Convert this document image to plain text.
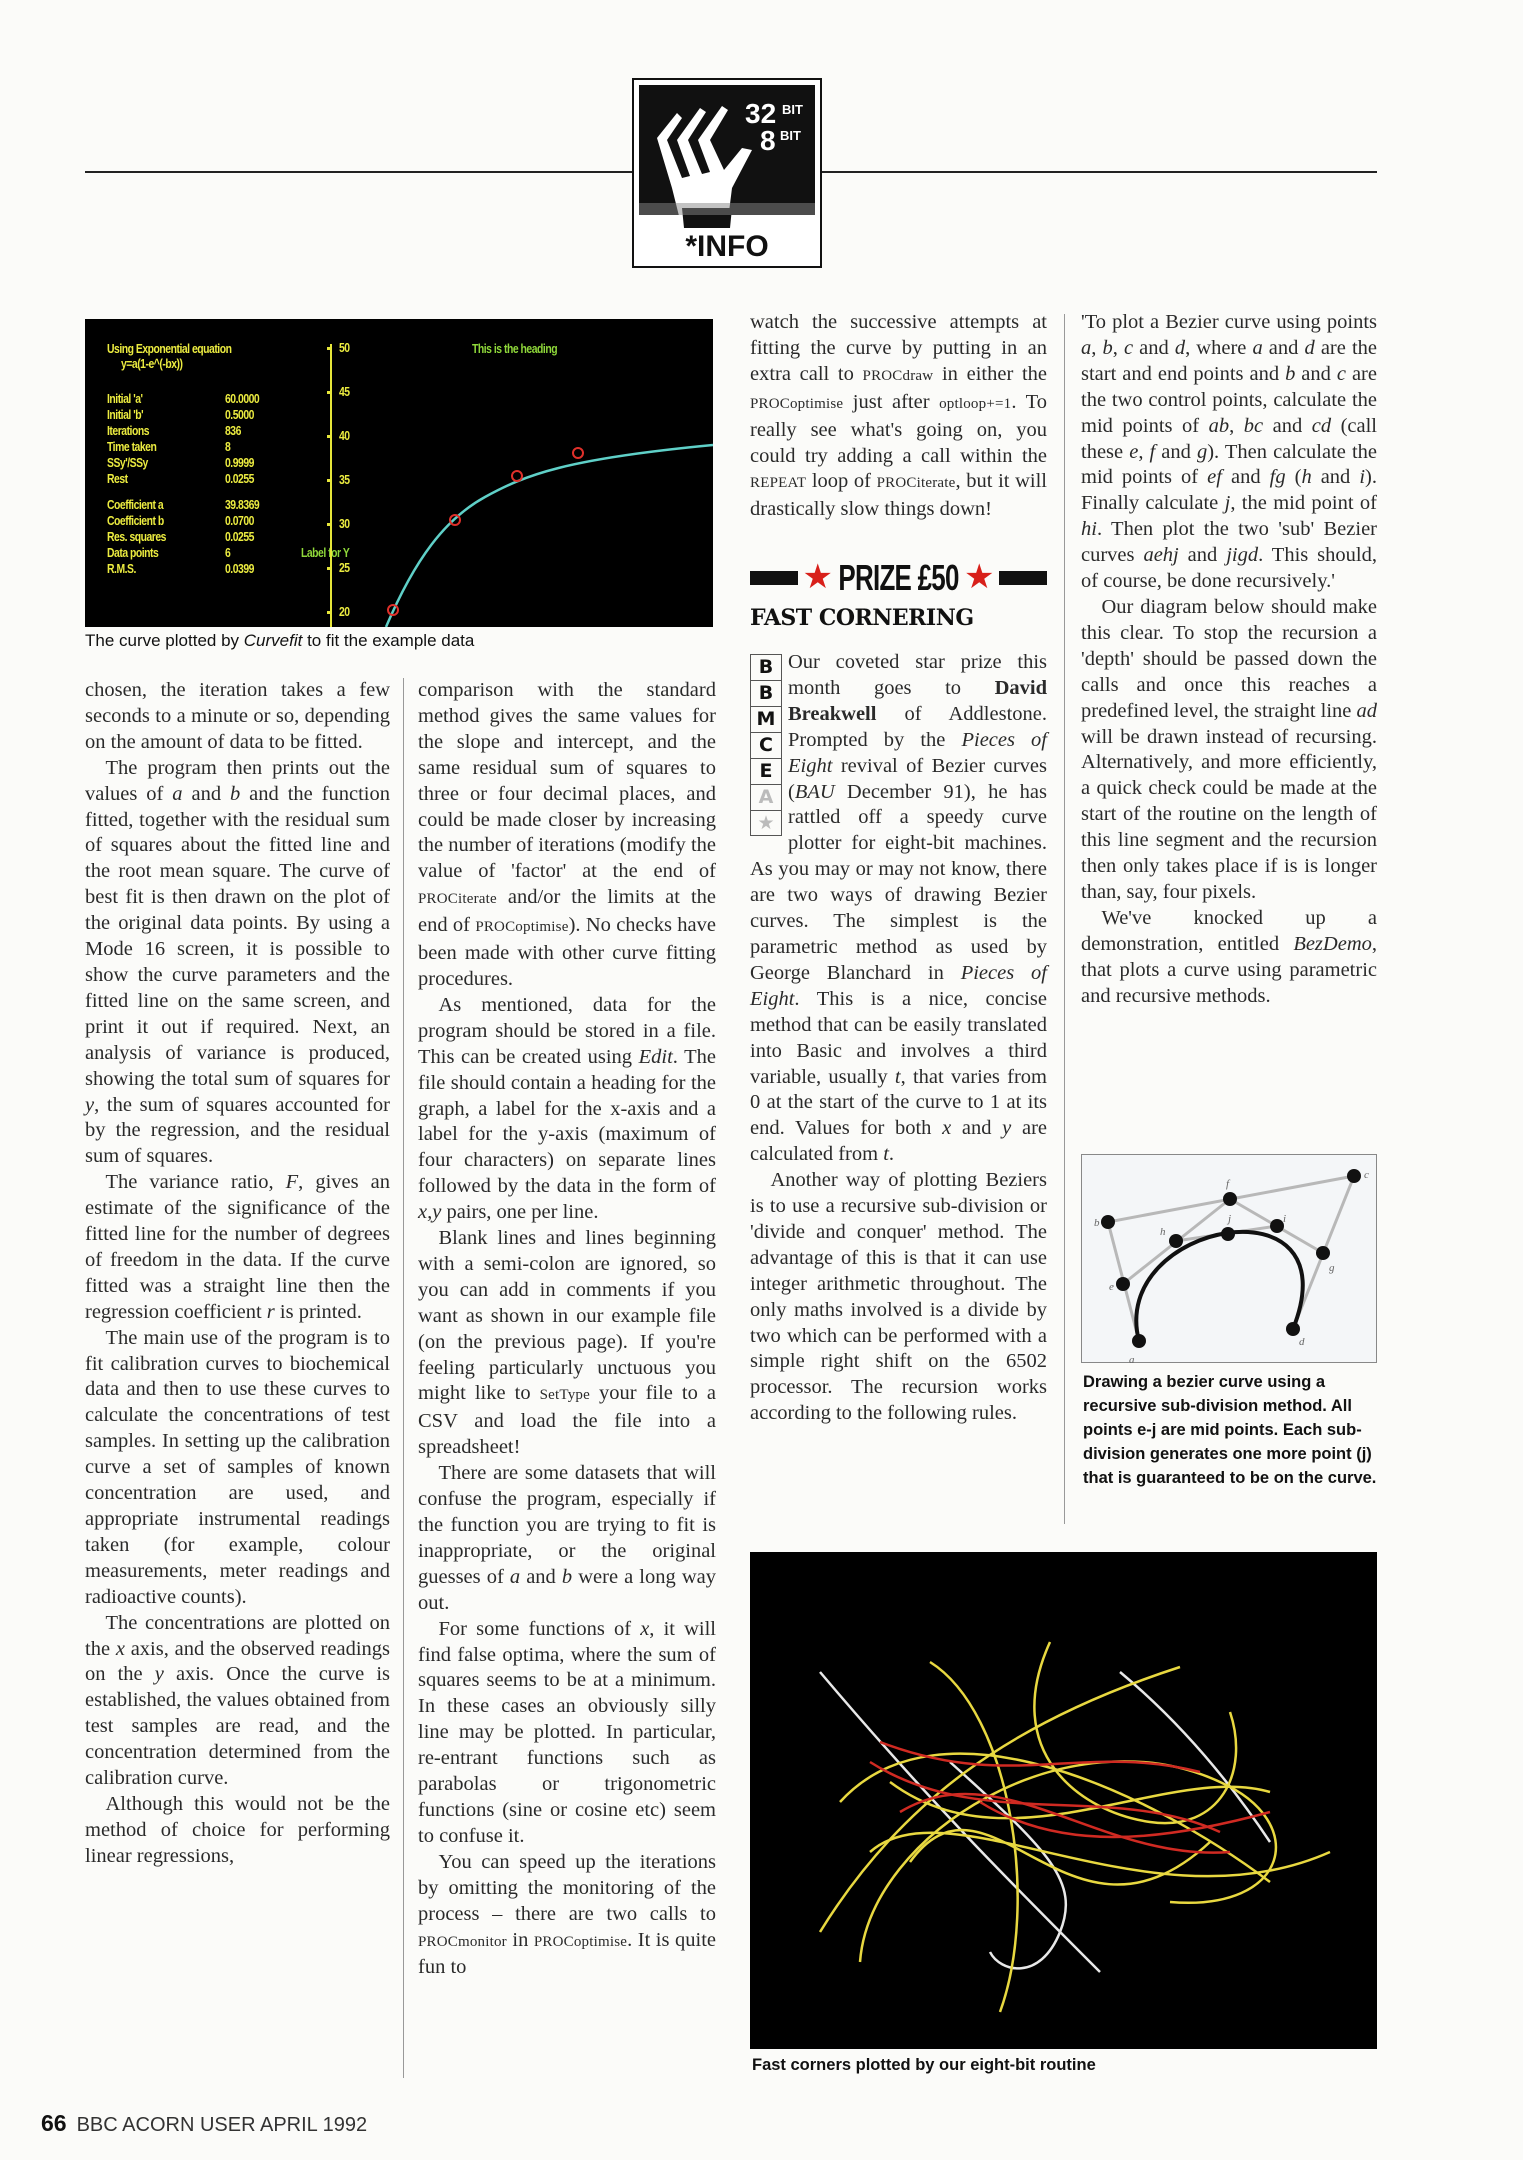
32 BIT
8 BIT
*INFO
Using Exponential equation
y=a(1-e^(-bx))
Initial 'a'	60.0000
Initial 'b'	0.5000
Iterations	836
Time taken	8
SSy'/SSy	0.9999
Rest	0.0255
Coefficient a	39.8369
Coefficient b	0.0700
Res. squares	0.0255
Data points	6
R.M.S.	0.0399
This is the heading
Label for Y
50
45
40
35
30
25
20
The curve plotted by Curvefit to fit the example data

chosen, the iteration takes a few seconds to a minute or so, depending on the amount of data to be fitted.

The program then prints out the values of a and b and the function fitted, together with the residual sum of squares about the fitted line and the root mean square. The curve of best fit is then drawn on the plot of the original data points. By using a Mode 16 screen, it is possible to show the curve parameters and the fitted line on the same screen, and print it out if required. Next, an analysis of variance is produced, showing the total sum of squares for y, the sum of squares accounted for by the regression, and the residual sum of squares.

The variance ratio, F, gives an estimate of the significance of the fitted line for the number of degrees of freedom in the data. If the curve fitted was a straight line then the regression coefficient r is printed.

The main use of the program is to fit calibration curves to biochemical data and then to use these curves to calculate the concentrations of test samples. In setting up the calibration curve a set of samples of known concentration are used, and appropriate instrumental readings taken (for example, colour measurements, meter readings and radioactive counts).

The concentrations are plotted on the x axis, and the observed readings on the y axis. Once the curve is established, the values obtained from test samples are read, and the concentration determined from the calibration curve.

Although this would not be the method of choice for performing linear regressions,

comparison with the standard method gives the same values for the slope and intercept, and the same residual sum of squares to three or four decimal places, and could be made closer by increasing the number of iterations (modify the value of 'factor' at the end of PROCiterate and/or the limits at the end of PROCoptimise). No checks have been made with other curve fitting procedures.

As mentioned, data for the program should be stored in a file. This can be created using Edit. The file should contain a heading for the graph, a label for the x-axis and a label for the y-axis (maximum of four characters) on separate lines followed by the data in the form of x,y pairs, one per line.

Blank lines and lines beginning with a semi-colon are ignored, so you can add in comments if you want as shown in our example file (on the previous page). If you're feeling particularly unctuous you might like to SetType your file to a CSV and load the file into a spreadsheet!

There are some datasets that will confuse the program, especially if the function you are trying to fit is inappropriate, or the original guesses of a and b were a long way out.

For some functions of x, it will find false optima, where the sum of squares seems to be at a minimum. In these cases an obviously silly line may be plotted. In particular, re-entrant functions such as parabolas or trigonometric functions (sine or cosine etc) seem to confuse it.

You can speed up the iterations by omitting the monitoring of the process – there are two calls to PROCmonitor in PROCoptimise. It is quite fun to

watch the successive attempts at fitting the curve by putting in an extra call to PROCdraw in either the PROCoptimise just after optloop+=1. To really see what's going on, you could try adding a call within the REPEAT loop of PROCiterate, but it will drastically slow things down!

★ PRIZE £50 ★
FAST CORNERING
B
B
M
C
E
A
★

Our coveted star prize this month goes to David Breakwell of Addlestone. Prompted by the Pieces of Eight revival of Bezier curves (BAU December 91), he has rattled off a speedy curve plotter for eight-bit machines. As you may or may not know, there are two ways of drawing Bezier curves. The simplest is the parametric method as used by George Blanchard in Pieces of Eight. This is a nice, concise method that can be easily translated into Basic and involves a third variable, usually t, that varies from 0 at the start of the curve to 1 at its end. Values for both x and y are calculated from t.

Another way of plotting Beziers is to use a recursive sub-division or 'divide and conquer' method. The advantage of this is that it can use integer arithmetic throughout. The only maths involved is a divide by two which can be performed with a simple right shift on the 6502 processor. The recursion works according to the following rules.

'To plot a Bezier curve using points a, b, c and d, where a and d are the start and end points and b and c are the two control points, calculate the mid points of ab, bc and cd (call these e, f and g). Then calculate the mid points of ef and fg (h and i). Finally calculate j, the mid point of hi. Then plot the two 'sub' Bezier curves aehj and jigd. This should, of course, be done recursively.'

Our diagram below should make this clear. To stop the recursion a 'depth' should be passed down the calls and once this reaches a predefined level, the straight line ad will be drawn instead of recursing. Alternatively, and more efficiently, a quick check could be made at the start of the routine on the length of this line segment and the recursion then only takes place if is is longer than, say, four pixels.

We've knocked up a demonstration, entitled BezDemo, that plots a curve using parametric and recursive methods.

a
b
c
d
e
f
g
h
i
j
Drawing a bezier curve using a recursive sub-division method. All points e-j are mid points. Each sub-division generates one more point (j) that is guaranteed to be on the curve.
Fast corners plotted by our eight-bit routine
66 BBC ACORN USER APRIL 1992
